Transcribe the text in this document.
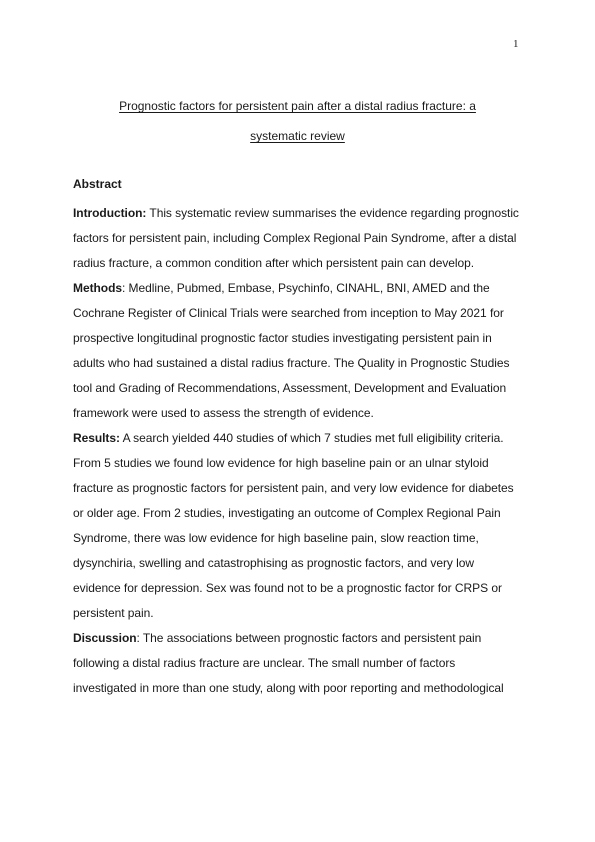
1
Prognostic factors for persistent pain after a distal radius fracture: a
systematic review
Abstract
Introduction: This systematic review summarises the evidence regarding prognostic
factors for persistent pain, including Complex Regional Pain Syndrome, after a distal
radius fracture, a common condition after which persistent pain can develop.
Methods: Medline, Pubmed, Embase, Psychinfo, CINAHL, BNI, AMED and the
Cochrane Register of Clinical Trials were searched from inception to May 2021 for
prospective longitudinal prognostic factor studies investigating persistent pain in
adults who had sustained a distal radius fracture. The Quality in Prognostic Studies
tool and Grading of Recommendations, Assessment, Development and Evaluation
framework were used to assess the strength of evidence.
Results: A search yielded 440 studies of which 7 studies met full eligibility criteria.
From 5 studies we found low evidence for high baseline pain or an ulnar styloid
fracture as prognostic factors for persistent pain, and very low evidence for diabetes
or older age. From 2 studies, investigating an outcome of Complex Regional Pain
Syndrome, there was low evidence for high baseline pain, slow reaction time,
dysynchiria, swelling and catastrophising as prognostic factors, and very low
evidence for depression. Sex was found not to be a prognostic factor for CRPS or
persistent pain.
Discussion: The associations between prognostic factors and persistent pain
following a distal radius fracture are unclear. The small number of factors
investigated in more than one study, along with poor reporting and methodological
